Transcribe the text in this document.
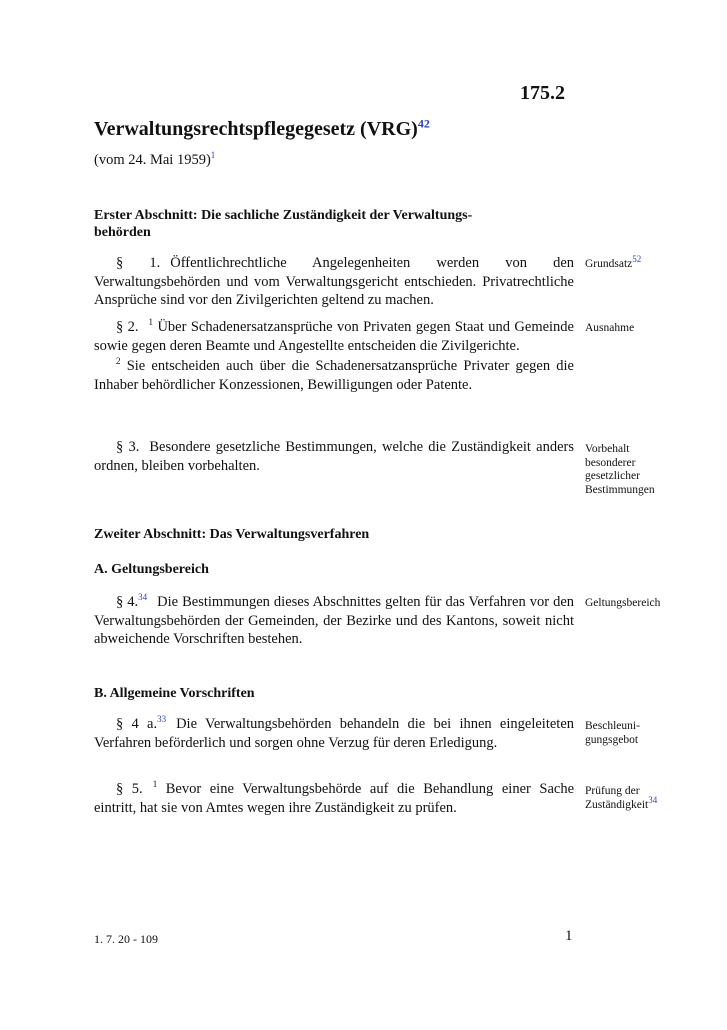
175.2
Verwaltungsrechtspflegegesetz (VRG)$^{42}$
(vom 24. Mai 1959)$^1$
Erster Abschnitt: Die sachliche Zuständigkeit der Verwaltungs-
behörden

§ 1. Öffentlichrechtliche Angelegenheiten werden von den Verwaltungsbehörden und vom Verwaltungsgericht entschieden. Privatrechtliche Ansprüche sind vor den Zivilgerichten geltend zu machen.

Grundsatz$^{52}$

§ 2. $^1$ Über Schadenersatzansprüche von Privaten gegen Staat und Gemeinde sowie gegen deren Beamte und Angestellte entscheiden die Zivilgerichte.

$^2$ Sie entscheiden auch über die Schadenersatzansprüche Privater gegen die Inhaber behördlicher Konzessionen, Bewilligungen oder Patente.

Ausnahme

§ 3. Besondere gesetzliche Bestimmungen, welche die Zuständigkeit anders ordnen, bleiben vorbehalten.

Vorbehalt
besonderer
gesetzlicher
Bestimmungen
Zweiter Abschnitt: Das Verwaltungsverfahren
A. Geltungsbereich

§ 4.34 Die Bestimmungen dieses Abschnittes gelten für das Verfahren vor den Verwaltungsbehörden der Gemeinden, der Bezirke und des Kantons, soweit nicht abweichende Vorschriften bestehen.

Geltungsbereich
B. Allgemeine Vorschriften

§ 4 a.$^{33}$ Die Verwaltungsbehörden behandeln die bei ihnen eingeleiteten Verfahren beförderlich und sorgen ohne Verzug für deren Erledigung.

Beschleuni-
gungsgebot

§ 5. $^1$ Bevor eine Verwaltungsbehörde auf die Behandlung einer Sache eintritt, hat sie von Amtes wegen ihre Zuständigkeit zu prüfen.

Prüfung der
Zuständigkeit$^{34}$
1. 7. 20 - 109	1
